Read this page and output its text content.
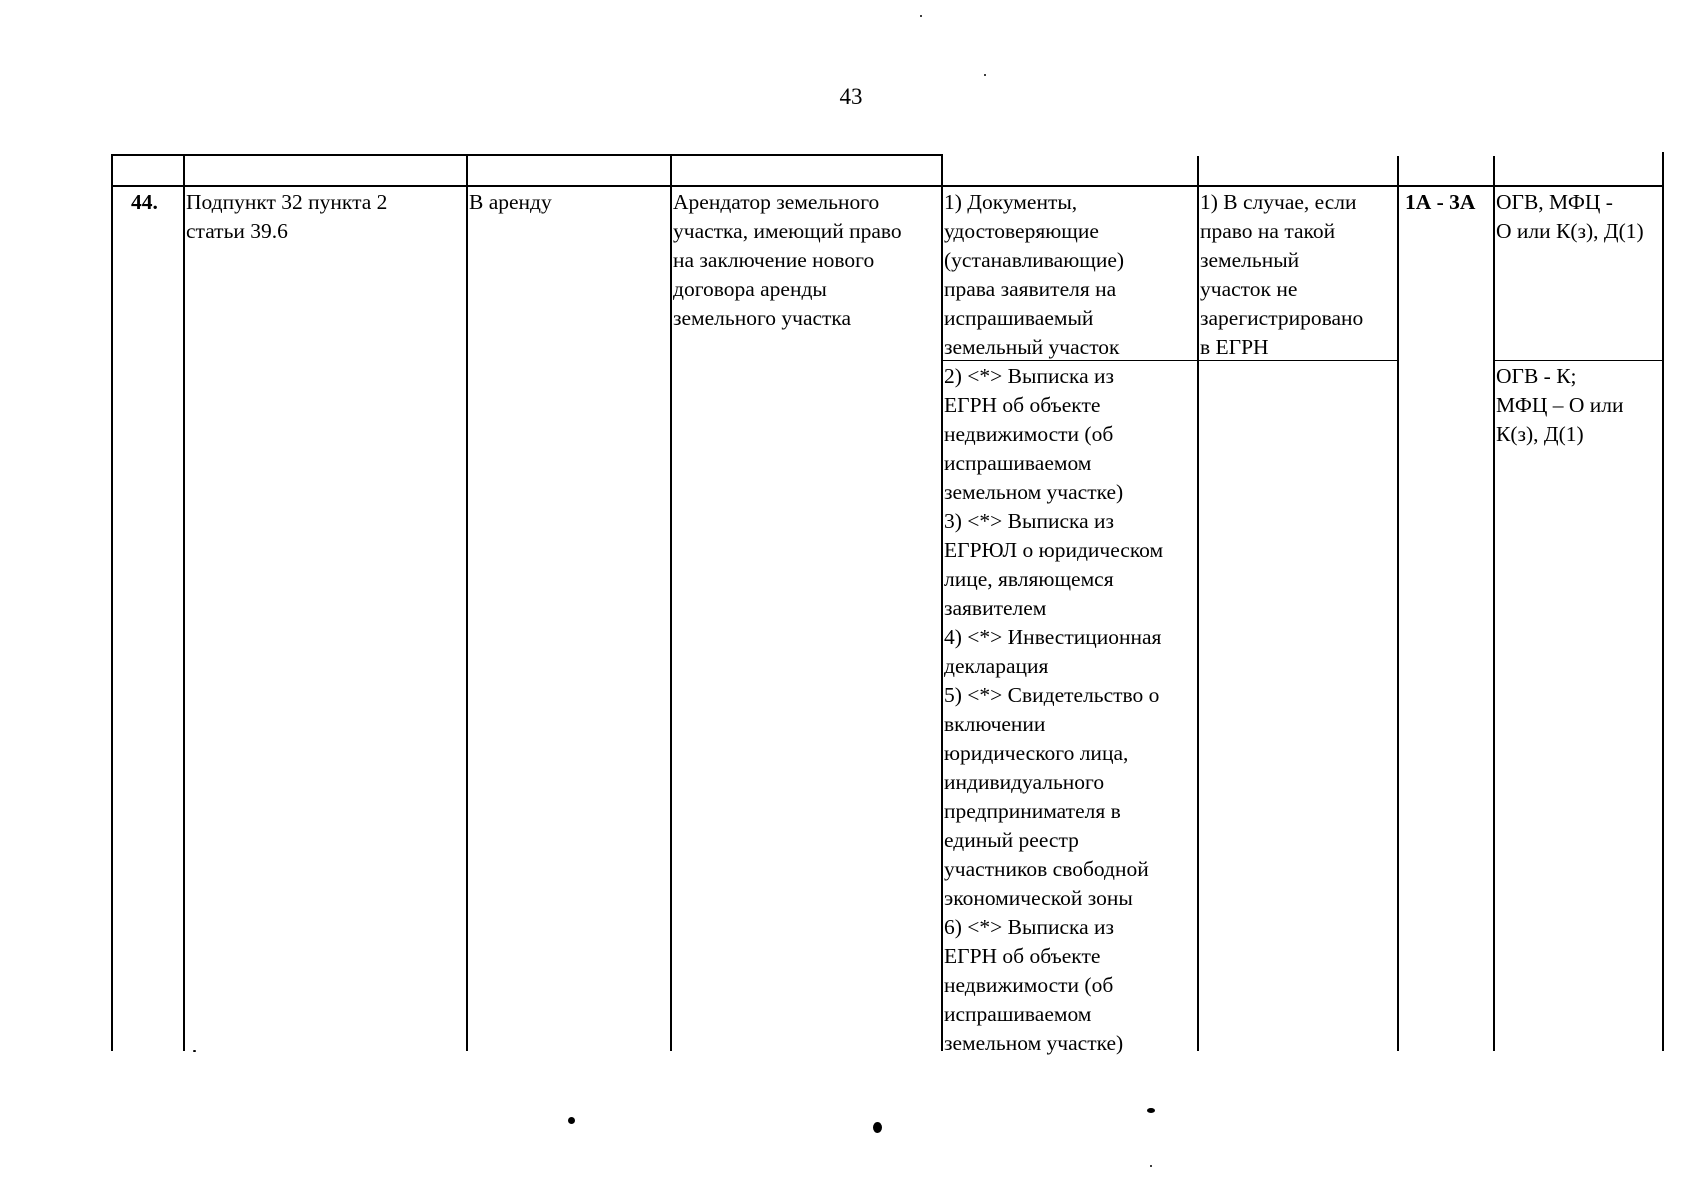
43
44. Подпункт 32 пункта 2
статьи 39.6
В аренду	Арендатор земельного
участка, имеющий право
на заключение нового
договора аренды
земельного участка
1) Документы,
удостоверяющие
(устанавливающие)
права заявителя на
испрашиваемый
земельный участок
2) <*> Выписка из
ЕГРН об объекте
недвижимости (об
испрашиваемом
земельном участке)
3) <*> Выписка из
ЕГРЮЛ о юридическом
лице, являющемся
заявителем
4) <*> Инвестиционная
декларация
5) <*> Свидетельство о
включении
юридического лица,
индивидуального
предпринимателя в
единый реестр
участников свободной
экономической зоны
6) <*> Выписка из
ЕГРН об объекте
недвижимости (об
испрашиваемом
земельном участке)
1) В случае, если
право на такой
земельный
участок не
зарегистрировано
в ЕГРН
1А - 3А ОГВ, МФЦ -
О или К(з), Д(1)
ОГВ - К;
МФЦ – О или
К(з), Д(1)
